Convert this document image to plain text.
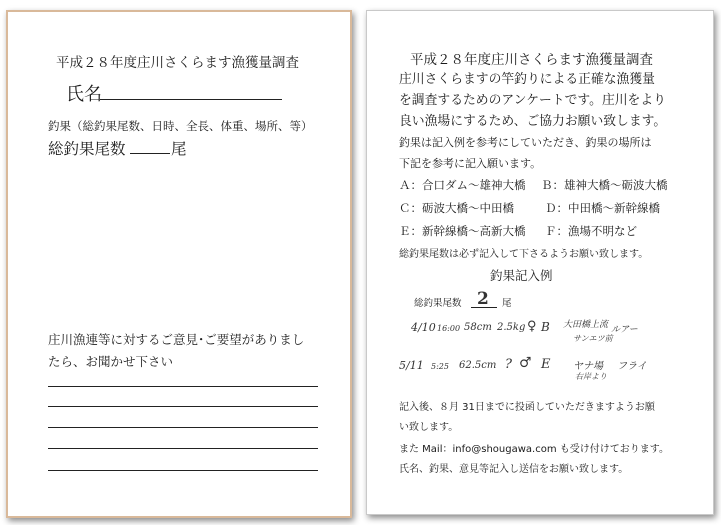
平成２８年度庄川さくらます漁獲量調査
氏名
釣果（総釣果尾数、日時、全長、体重、場所、等）
総釣果尾数	尾
庄川漁連等に対するご意見･ご要望がありまし
たら、お聞かせ下さい
平成２８年度庄川さくらます漁獲量調査
庄川さくらますの竿釣りによる正確な漁獲量
を調査するためのアンケートです。庄川をより
良い漁場にするため、ご協力お願い致します。
釣果は記入例を参考にしていただき、釣果の場所は
下記を参考に記入願います。
Ａ：合口ダム～雄神大橋 Ｂ：雄神大橋～砺波大橋
Ｃ：砺波大橋～中田橋	Ｄ：中田橋～新幹線橋
Ｅ：新幹線橋～高新大橋 Ｆ：漁場不明など
総釣果尾数は必ず記入して下さるようお願い致します。
釣果記入例
総釣果尾数 2 尾
4/10 16:00 58cm 2.5kg ♀ B 大田橋上流 ルアー
サンエツ前
5/11 5:25 62.5cm ? ♂ E ヤナ場 フライ
右岸より
記入後、８月 31日までに投函していただきますようお願
い致します。
また Mail：info@shougawa.com も受け付けております。
氏名、釣果、意見等記入し送信をお願い致します。
